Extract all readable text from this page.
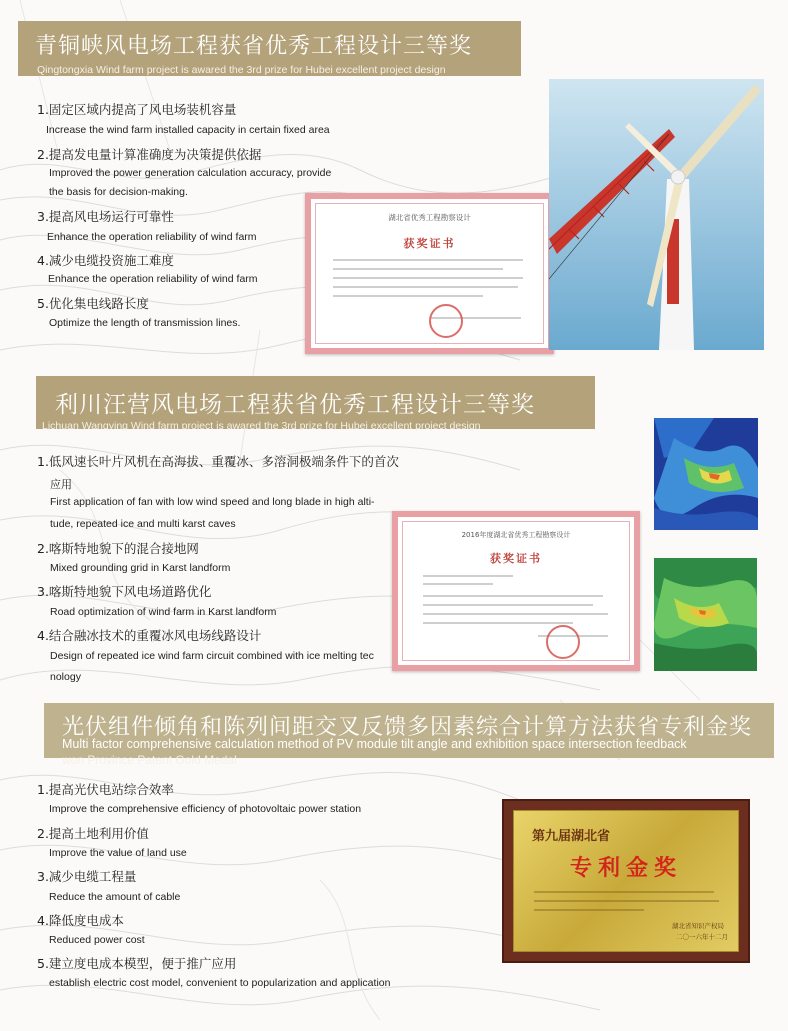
青铜峡风电场工程获省优秀工程设计三等奖
Qingtongxia Wind farm project is awared the 3rd prize for Hubei excellent project design
1.固定区域内提高了风电场装机容量
Increase the wind farm installed capacity in certain fixed area
2.提高发电量计算准确度为决策提供依据
Improved the power generation calculation accuracy, provide
the basis for decision-making.
3.提高风电场运行可靠性
Enhance the operation reliability of wind farm
4.减少电缆投资施工难度
Enhance the operation reliability of wind farm
5.优化集电线路长度
Optimize the length of transmission lines.
湖北省优秀工程勘察设计
获奖证书
利川汪营风电场工程获省优秀工程设计三等奖
Lichuan Wangying Wind farm project is awared the 3rd prize for Hubei excellent project design
1.低风速长叶片风机在高海拔、重覆冰、多溶洞极端条件下的首次
应用
First application of fan with low wind speed and long blade in high alti-
tude, repeated ice and multi karst caves
2.喀斯特地貌下的混合接地网
Mixed grounding grid in Karst landform
3.喀斯特地貌下风电场道路优化
Road optimization of wind farm in Karst landform
4.结合融冰技术的重覆冰风电场线路设计
Design of repeated ice wind farm circuit combined with ice melting tec
nology
2016年度湖北省优秀工程勘察设计
获奖证书
光伏组件倾角和陈列间距交叉反馈多因素综合计算方法获省专利金奖
Multi factor comprehensive calculation method of PV module tilt angle and exhibition space intersection feedback
won Province Patent Gold Medal
1.提高光伏电站综合效率
Improve the comprehensive efficiency of photovoltaic power station
2.提高土地利用价值
Improve the value of land use
3.减少电缆工程量
Reduce the amount of cable
4.降低度电成本
Reduced power cost
5.建立度电成本模型，便于推广应用
establish electric cost model, convenient to popularization and application
第九届湖北省
专利金奖
湖北省知识产权局
二〇一六年十二月
